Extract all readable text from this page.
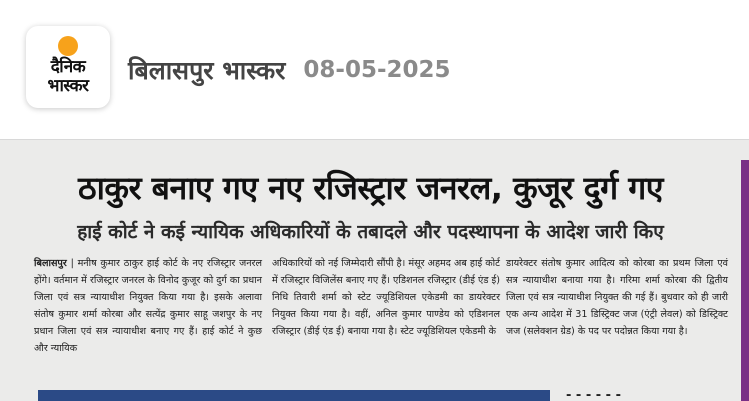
दैनिक
भास्कर
बिलासपुर भास्कर 08-05-2025
ठाकुर बनाए गए नए रजिस्ट्रार जनरल, कुजूर दुर्ग गए
हाई कोर्ट ने कई न्यायिक अधिकारियों के तबादले और पदस्थापना के आदेश जारी किए
बिलासपुर | मनीष कुमार ठाकुर हाई कोर्ट के नए रजिस्ट्रार जनरल होंगे। वर्तमान में रजिस्ट्रार जनरल के विनोद कुजूर को दुर्ग का प्रधान जिला एवं सत्र न्यायाधीश नियुक्त किया गया है। इसके अलावा संतोष कुमार शर्मा कोरबा और सत्येंद्र कुमार साहू जशपुर के नए प्रधान जिला एवं सत्र न्यायाधीश बनाए गए हैं। हाई कोर्ट ने कुछ और न्यायिक
अधिकारियों को नई जिम्मेदारी सौंपी है। मंसूर अहमद अब हाई कोर्ट में रजिस्ट्रार विजिलेंस बनाए गए हैं। एडिशनल रजिस्ट्रार (डीई एंड ई) निधि तिवारी शर्मा को स्टेट ज्यूडिशियल एकेडमी का डायरेक्टर नियुक्त किया गया है। वहीं, अनिल कुमार पाण्डेय को एडिशनल रजिस्ट्रार (डीई एंड ई) बनाया गया है। स्टेट ज्यूडिशियल एकेडमी के
डायरेक्टर संतोष कुमार आदित्य को कोरबा का प्रथम जिला एवं सत्र न्यायाधीश बनाया गया है। गरिमा शर्मा कोरबा की द्वितीय जिला एवं सत्र न्यायाधीश नियुक्त की गई हैं। बुधवार को ही जारी एक अन्य आदेश में 31 डिस्ट्रिक्ट जज (एंट्री लेवल) को डिस्ट्रिक्ट जज (सलेक्शन ग्रेड) के पद पर पदोन्नत किया गया है।
- - - - - -
